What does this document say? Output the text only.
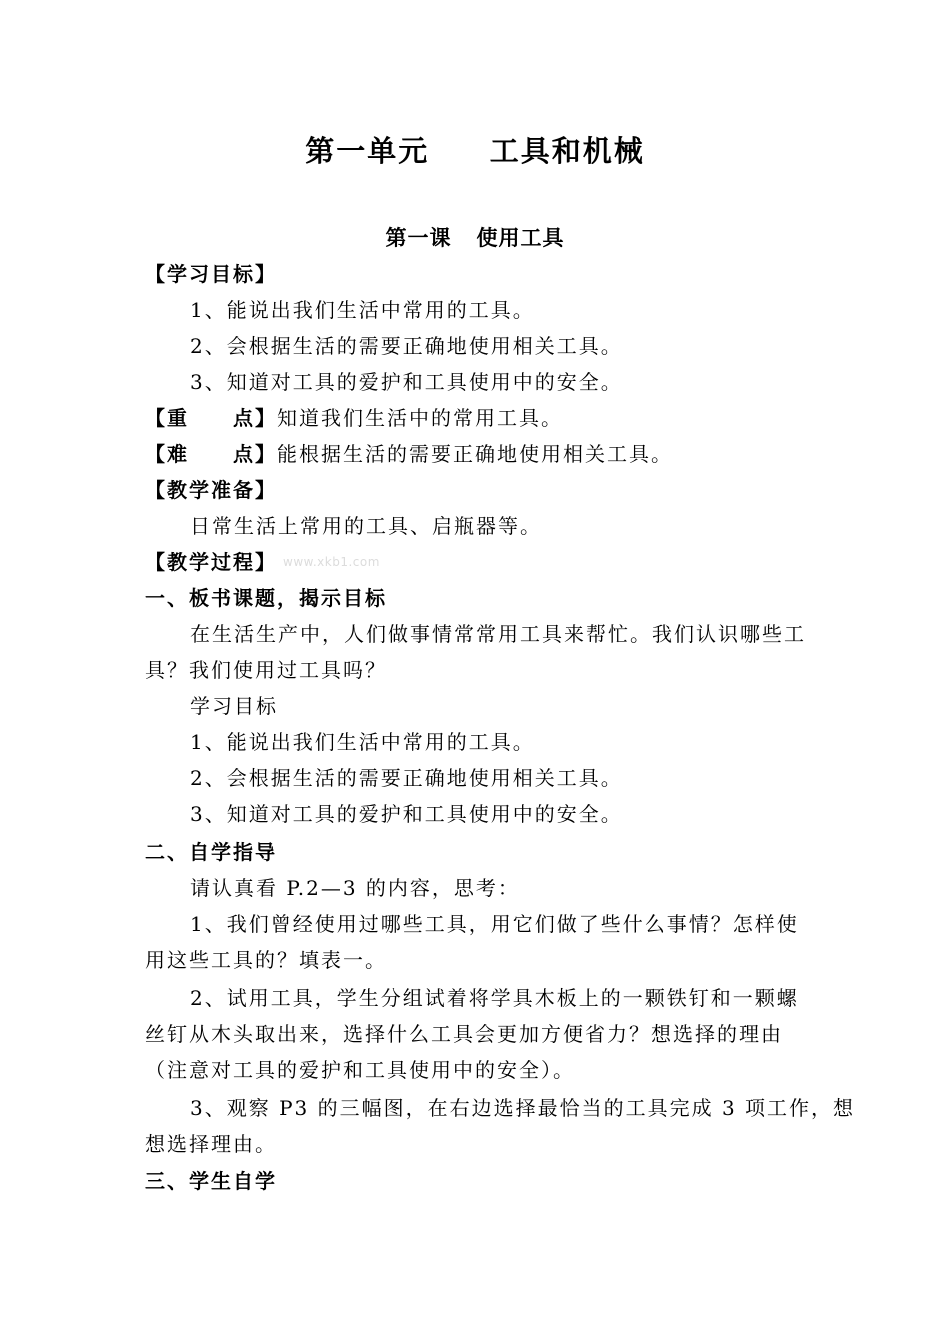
第一单元     工具和机械
第一课   使用工具
【学习目标】
1、能说出我们生活中常用的工具。
2、会根据生活的需要正确地使用相关工具。
3、知道对工具的爱护和工具使用中的安全。
【重　　点】知道我们生活中的常用工具。
【难　　点】能根据生活的需要正确地使用相关工具。
【教学准备】
日常生活上常用的工具、启瓶器等。
【教学过程】 www.xkb1.com
一、板书课题，揭示目标
在生活生产中，人们做事情常常用工具来帮忙。我们认识哪些工
具？我们使用过工具吗？
学习目标
1、能说出我们生活中常用的工具。
2、会根据生活的需要正确地使用相关工具。
3、知道对工具的爱护和工具使用中的安全。
二、自学指导
请认真看 P.2—3 的内容，思考：
1、我们曾经使用过哪些工具，用它们做了些什么事情？怎样使
用这些工具的？填表一。
2、试用工具，学生分组试着将学具木板上的一颗铁钉和一颗螺
丝钉从木头取出来，选择什么工具会更加方便省力？想选择的理由
（注意对工具的爱护和工具使用中的安全）。
3、观察 P3 的三幅图，在右边选择最恰当的工具完成 3 项工作，想
想选择理由。
三、学生自学
